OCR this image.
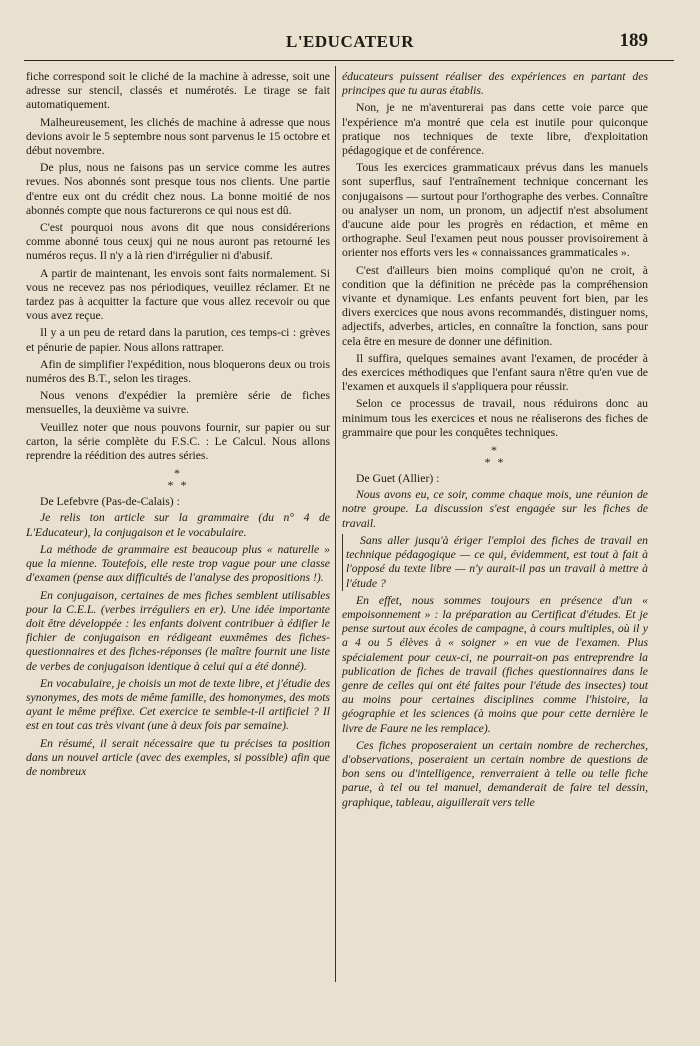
L'EDUCATEUR	189

fiche correspond soit le cliché de la machine à adresse, soit une adresse sur stencil, classés et numérotés. Le tirage se fait automatiquement.

Malheureusement, les clichés de machine à adresse que nous devions avoir le 5 septembre nous sont parvenus le 15 octobre et début novembre.

De plus, nous ne faisons pas un service comme les autres revues. Nos abonnés sont presque tous nos clients. Une partie d'entre eux ont du crédit chez nous. La bonne moitié de nos abonnés compte que nous facturerons ce qui nous est dû.

C'est pourquoi nous avons dit que nous considérerions comme abonné tous ceuxj qui ne nous auront pas retourné les numéros reçus. Il n'y a là rien d'irrégulier ni d'abusif.

A partir de maintenant, les envois sont faits normalement. Si vous ne recevez pas nos périodiques, veuillez réclamer. Et ne tardez pas à acquitter la facture que vous allez recevoir ou que vous avez reçue.

Il y a un peu de retard dans la parution, ces temps-ci : grèves et pénurie de papier. Nous allons rattraper.

Afin de simplifier l'expédition, nous bloquerons deux ou trois numéros des B.T., selon les tirages.

Nous venons d'expédier la première série de fiches mensuelles, la deuxième va suivre.

Veuillez noter que nous pouvons fournir, sur papier ou sur carton, la série complète du F.S.C. : Le Calcul. Nous allons reprendre la réédition des autres séries.

*
* *

De Lefebvre (Pas-de-Calais) :

Je relis ton article sur la grammaire (du n° 4 de L'Educateur), la conjugaison et le vocabulaire.

La méthode de grammaire est beaucoup plus « naturelle » que la mienne. Toutefois, elle reste trop vague pour une classe d'examen (pense aux difficultés de l'analyse des propositions !).

En conjugaison, certaines de mes fiches semblent utilisables pour la C.E.L. (verbes irréguliers en er). Une idée importante doit être développée : les enfants doivent contribuer à édifier le fichier de conjugaison en rédigeant euxmêmes des fiches-questionnaires et des fiches-réponses (le maître fournit une liste de verbes de conjugaison identique à celui qui a été donné).

En vocabulaire, je choisis un mot de texte libre, et j'étudie des synonymes, des mots de même famille, des homonymes, des mots ayant le même préfixe. Cet exercice te semble-t-il artificiel ? Il est en tout cas très vivant (une à deux fois par semaine).

En résumé, il serait nécessaire que tu précises ta position dans un nouvel article (avec des exemples, si possible) afin que de nombreux

éducateurs puissent réaliser des expériences en partant des principes que tu auras établis.

Non, je ne m'aventurerai pas dans cette voie parce que l'expérience m'a montré que cela est inutile pour quiconque pratique nos techniques de texte libre, d'exploitation pédagogique et de conférence.

Tous les exercices grammaticaux prévus dans les manuels sont superflus, sauf l'entraînement technique concernant les conjugaisons — surtout pour l'orthographe des verbes. Connaître ou analyser un nom, un pronom, un adjectif n'est absolument d'aucune aide pour les progrès en rédaction, et même en orthographe. Seul l'examen peut nous pousser provisoirement à orienter nos efforts vers les « connaissances grammaticales ».

C'est d'ailleurs bien moins compliqué qu'on ne croit, à condition que la définition ne précède pas la compréhension vivante et dynamique. Les enfants peuvent fort bien, par les divers exercices que nous avons recommandés, distinguer noms, adjectifs, adverbes, articles, en connaître la fonction, sans pour cela être en mesure de donner une définition.

Il suffira, quelques semaines avant l'examen, de procéder à des exercices méthodiques que l'enfant saura n'être qu'en vue de l'examen et auxquels il s'appliquera pour réussir.

Selon ce processus de travail, nous réduirons donc au minimum tous les exercices et nous ne réaliserons des fiches de grammaire que pour les conquêtes techniques.

*
* *

De Guet (Allier) :

Nous avons eu, ce soir, comme chaque mois, une réunion de notre groupe. La discussion s'est engagée sur les fiches de travail.

Sans aller jusqu'à ériger l'emploi des fiches de travail en technique pédagogique — ce qui, évidemment, est tout à fait à l'opposé du texte libre — n'y aurait-il pas un travail à mettre à l'étude ?

En effet, nous sommes toujours en présence d'un « empoisonnement » : la préparation au Certificat d'études. Et je pense surtout aux écoles de campagne, à cours multiples, où il y a 4 ou 5 élèves à « soigner » en vue de l'examen. Plus spécialement pour ceux-ci, ne pourrait-on pas entreprendre la publication de fiches de travail (fiches questionnaires dans le genre de celles qui ont été faites pour l'étude des insectes) tout au moins pour certaines disciplines comme l'histoire, la géographie et les sciences (à moins que pour cette dernière le livre de Faure ne les remplace).

Ces fiches proposeraient un certain nombre de recherches, d'observations, poseraient un certain nombre de questions de bon sens ou d'intelligence, renverraient à telle ou telle fiche parue, à tel ou tel manuel, demanderait de faire tel dessin, graphique, tableau, aiguillerait vers telle
